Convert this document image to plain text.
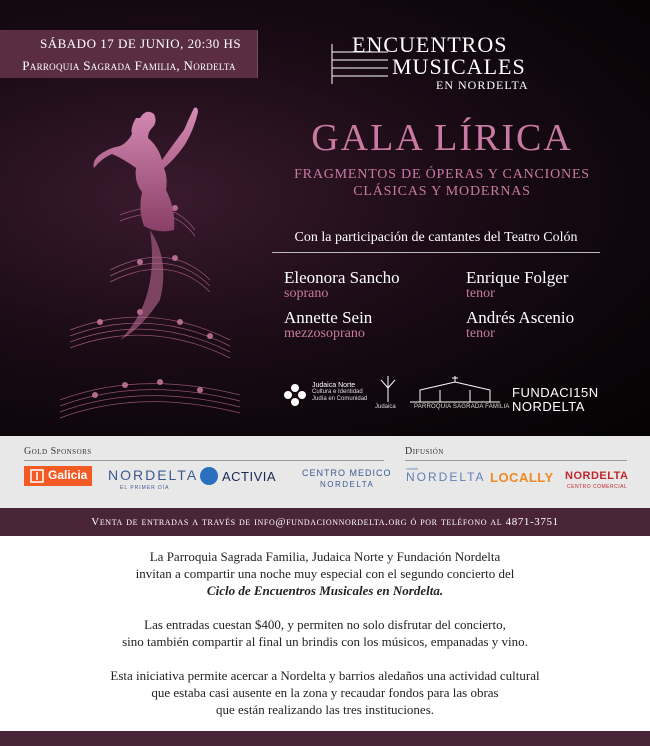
SÁBADO 17 DE JUNIO, 20:30 HS
Parroquia Sagrada Familia, Nordelta
ENCUENTROS
MUSICALES
EN NORDELTA
GALA LÍRICA
FRAGMENTOS DE ÓPERAS Y CANCIONES
CLÁSICAS Y MODERNAS
Con la participación de cantantes del Teatro Colón
Eleonora Sancho
soprano
Enrique Folger
tenor
Annette Sein
mezzosoprano
Andrés Ascenio
tenor
Judaica Norte
Cultura e Identidad Judía en Comunidad
Judaica	PARROQUIA SAGRADA FAMILIA
FUNDACI15N
NORDELTA
Gold Sponsors	Difusión
Galicia NORDELTA
EL PRIMER DÍA
ACTIVIA	CENTRO MEDICO
NORDELTA
revista
NORDELTA LOCALLY NORDELTA
CENTRO COMERCIAL
Venta de entradas a través de info@fundacionnordelta.org ó por teléfono al 4871-3751

La Parroquia Sagrada Familia, Judaica Norte y Fundación Nordelta
invitan a compartir una noche muy especial con el segundo concierto del
Ciclo de Encuentros Musicales en Nordelta.

Las entradas cuestan $400, y permiten no solo disfrutar del concierto,
sino también compartir al final un brindis con los músicos, empanadas y vino.

Esta iniciativa permite acercar a Nordelta y barrios aledaños una actividad cultural
que estaba casi ausente en la zona y recaudar fondos para las obras
que están realizando las tres instituciones.
